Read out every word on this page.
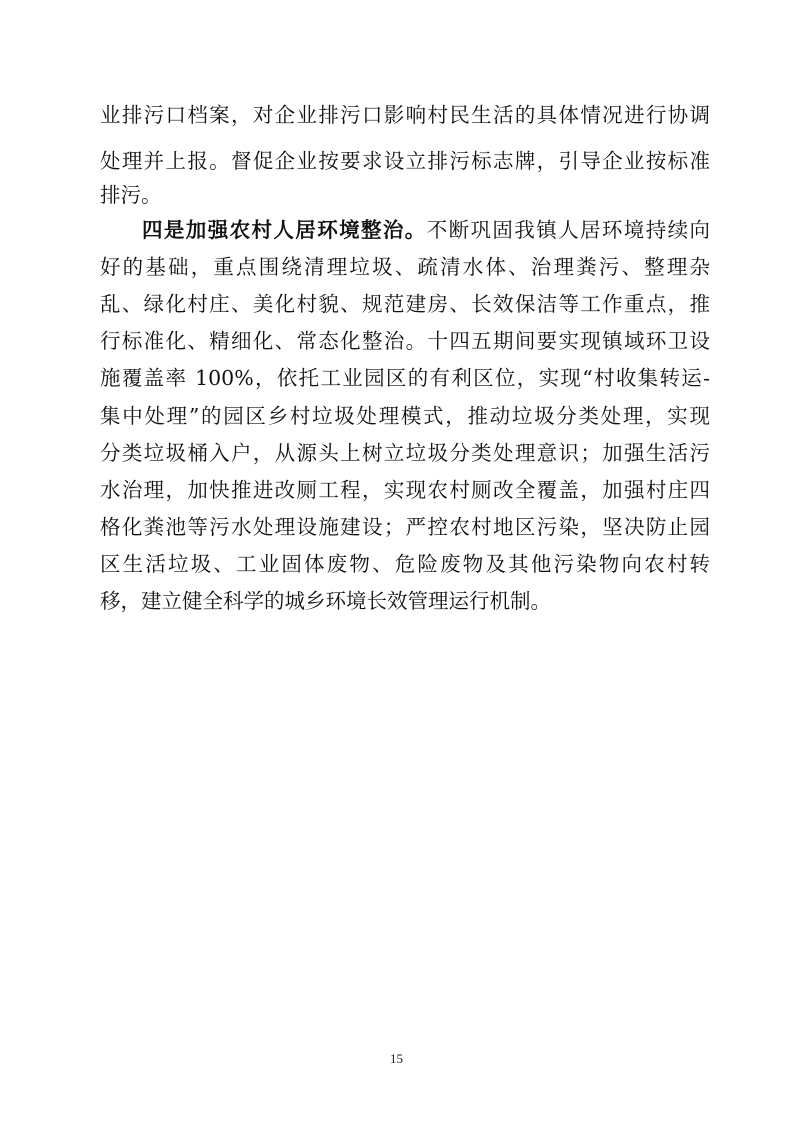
业排污口档案，对企业排污口影响村民生活的具体情况进行协调
处理并上报。督促企业按要求设立排污标志牌，引导企业按标准
排污。
四是加强农村人居环境整治。不断巩固我镇人居环境持续向
好的基础，重点围绕清理垃圾、疏清水体、治理粪污、整理杂
乱、绿化村庄、美化村貌、规范建房、长效保洁等工作重点，推
行标准化、精细化、常态化整治。十四五期间要实现镇域环卫设
施覆盖率 100%，依托工业园区的有利区位，实现“村收集转运-
集中处理”的园区乡村垃圾处理模式，推动垃圾分类处理，实现
分类垃圾桶入户，从源头上树立垃圾分类处理意识；加强生活污
水治理，加快推进改厕工程，实现农村厕改全覆盖，加强村庄四
格化粪池等污水处理设施建设；严控农村地区污染，坚决防止园
区生活垃圾、工业固体废物、危险废物及其他污染物向农村转
移，建立健全科学的城乡环境长效管理运行机制。
15
